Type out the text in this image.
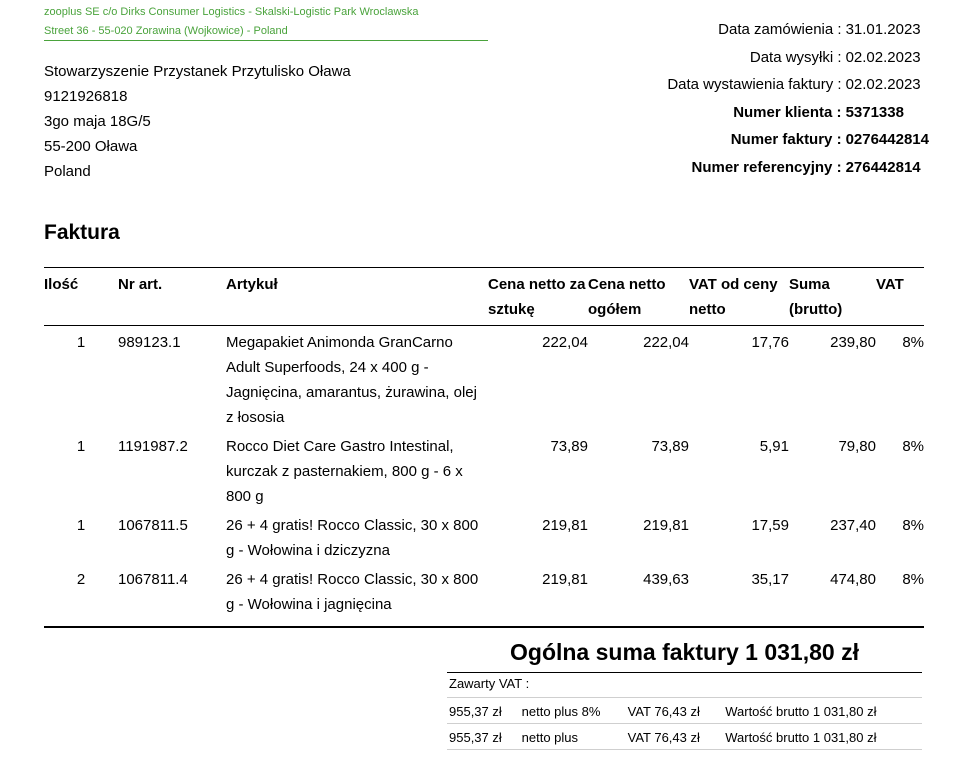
zooplus SE c/o Dirks Consumer Logistics - Skalski-Logistic Park Wroclawska
Street 36 - 55-020 Zorawina (Wojkowice) - Poland
Stowarzyszenie Przystanek Przytulisko Oława
9121926818
3go maja 18G/5
55-200 Oława
Poland
Data zamówienia :	31.01.2023
Data wysyłki :	02.02.2023
Data wystawienia faktury :	02.02.2023
Numer klienta :	5371338
Numer faktury :	0276442814
Numer referencyjny :	276442814
Faktura
Ilość	Nr art.	Artykuł	Cena netto za sztukę	Cena netto ogółem	VAT od ceny netto	Suma (brutto)	VAT
1	989123.1	Megapakiet Animonda GranCarno Adult Superfoods, 24 x 400 g - Jagnięcina, amarantus, żurawina, olej z łososia	222,04	222,04	17,76	239,80	8%
1	1191987.2	Rocco Diet Care Gastro Intestinal, kurczak z pasternakiem, 800 g - 6 x 800 g	73,89	73,89	5,91	79,80	8%
1	1067811.5	26 + 4 gratis! Rocco Classic, 30 x 800 g - Wołowina i dziczyzna	219,81	219,81	17,59	237,40	8%
2	1067811.4	26 + 4 gratis! Rocco Classic, 30 x 800 g - Wołowina i jagnięcina	219,81	439,63	35,17	474,80	8%
Ogólna suma faktury 1 031,80 zł
Zawarty VAT :
955,37 zł	netto plus 8%	VAT 76,43 zł	Wartość brutto 1 031,80 zł
955,37 zł	netto plus	VAT 76,43 zł	Wartość brutto 1 031,80 zł
